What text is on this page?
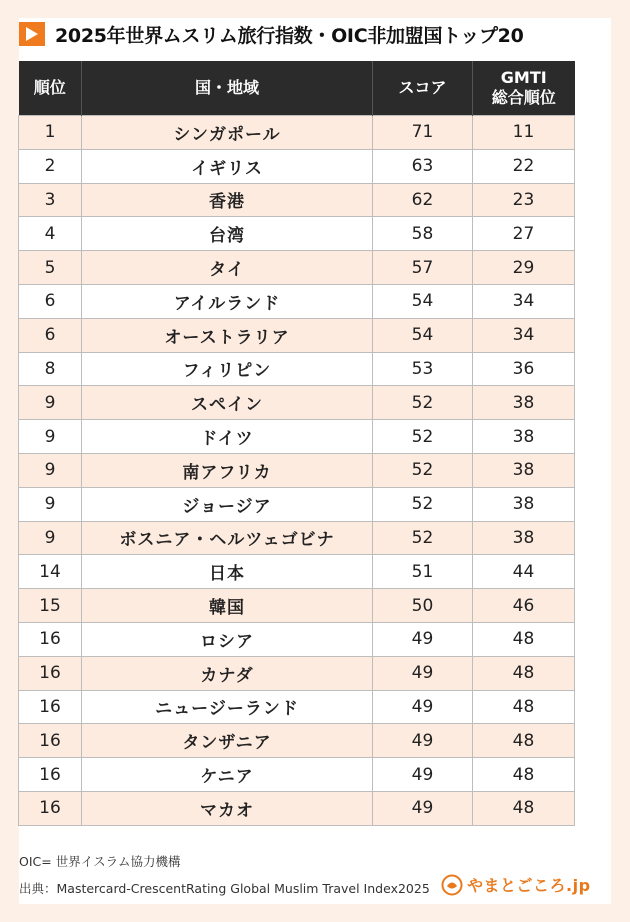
2025年世界ムスリム旅行指数・OIC非加盟国トップ20
順位	国・地域	スコア	GMTI
総合順位
1	シンガポール	71	11
2	イギリス	63	22
3	香港	62	23
4	台湾	58	27
5	タイ	57	29
6	アイルランド	54	34
6	オーストラリア	54	34
8	フィリピン	53	36
9	スペイン	52	38
9	ドイツ	52	38
9	南アフリカ	52	38
9	ジョージア	52	38
9	ボスニア・ヘルツェゴビナ	52	38
14	日本	51	44
15	韓国	50	46
16	ロシア	49	48
16	カナダ	49	48
16	ニュージーランド	49	48
16	タンザニア	49	48
16	ケニア	49	48
16	マカオ	49	48
OIC= 世界イスラム協力機構
出典：Mastercard-CrescentRating Global Muslim Travel Index2025 やまとごころ.jp
